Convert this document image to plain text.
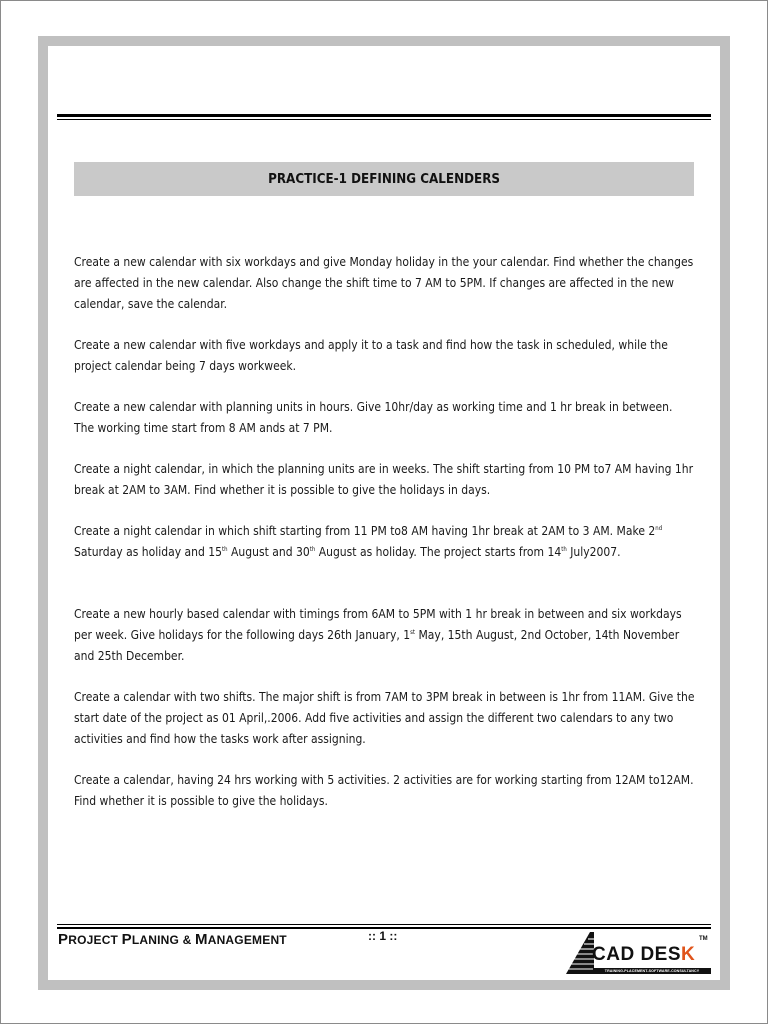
PRACTICE-1 DEFINING CALENDERS

Create a new calendar with six workdays and give Monday holiday in the your calendar. Find whether the changes are affected in the new calendar. Also change the shift time to 7 AM to 5PM. If changes are affected in the new calendar, save the calendar.

Create a new calendar with five workdays and apply it to a task and find how the task in scheduled, while the project calendar being 7 days workweek.

Create a new calendar with planning units in hours. Give 10hr/day as working time and 1 hr break in between. The working time start from 8 AM ands at 7 PM.

Create a night calendar, in which the planning units are in weeks. The shift starting from 10 PM to7 AM having 1hr break at 2AM to 3AM. Find whether it is possible to give the holidays in days.

Create a night calendar in which shift starting from 11 PM to8 AM having 1hr break at 2AM to 3 AM. Make 2nd Saturday as holiday and 15th August and 30th August as holiday. The project starts from 14th July2007.

Create a new hourly based calendar with timings from 6AM to 5PM with 1 hr break in between and six workdays per week. Give holidays for the following days 26th January, 1st May, 15th August, 2nd October, 14th November and 25th December.

Create a calendar with two shifts. The major shift is from 7AM to 3PM break in between is 1hr from 11AM. Give the start date of the project as 01 April,.2006. Add five activities and assign the different two calendars to any two activities and find how the tasks work after assigning.

Create a calendar, having 24 hrs working with 5 activities. 2 activities are for working starting from 12AM to12AM. Find whether it is possible to give the holidays.

PROJECT PLANING & MANAGEMENT	:: 1 ::
CAD DESK
TM
TRAINING-PLACEMENT-SOFTWARE-CONSULTANCY
